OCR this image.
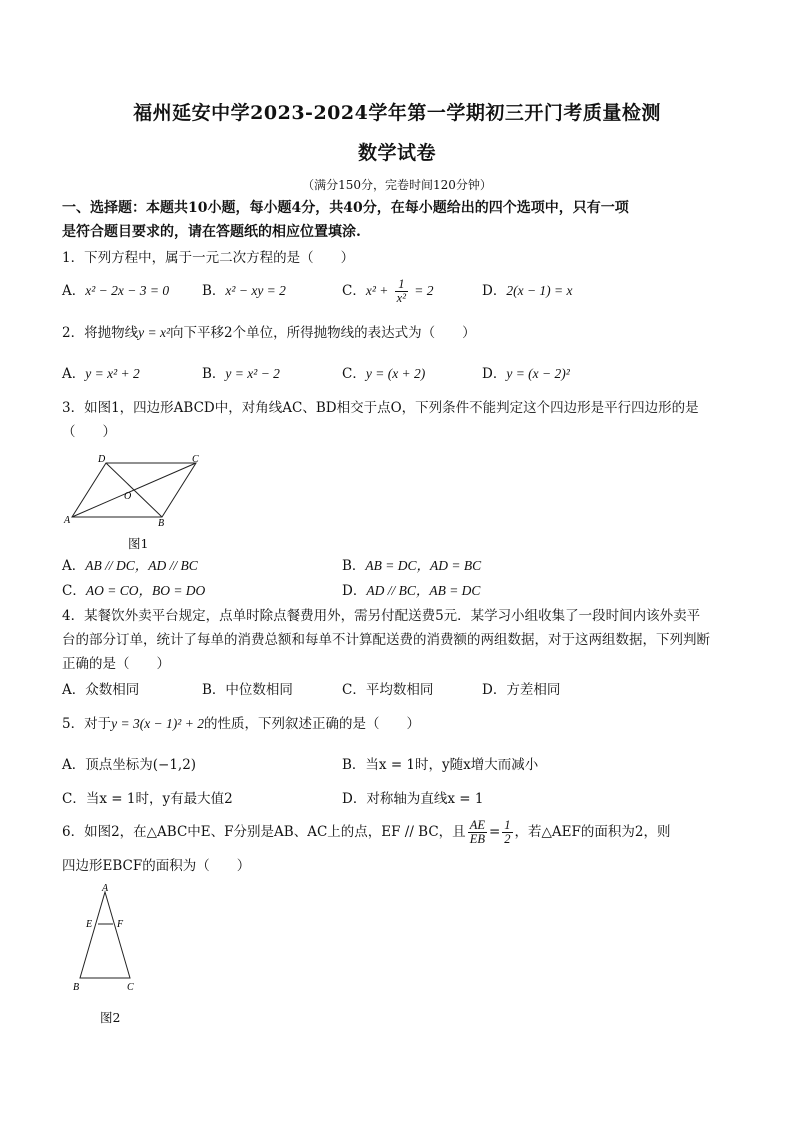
福州延安中学2023-2024学年第一学期初三开门考质量检测
数学试卷
（满分150分，完卷时间120分钟）
一、选择题：本题共10小题，每小题4分，共40分，在每小题给出的四个选项中，只有一项
是符合题目要求的，请在答题纸的相应位置填涂.
1．下列方程中，属于一元二次方程的是（　　）
A．x² − 2x − 3 = 0 B．x² − xy = 2	C．$x^2 + \frac{1}{\text{x²}} = 2$	D．2(x − 1) = x
2．将抛物线y = x²向下平移2个单位，所得抛物线的表达式为（　　）
A．y = x² + 2	B．y = x² − 2	C．y = (x + 2)	D．y = (x − 2)²
3．如图1，四边形ABCD中，对角线AC、BD相交于点O，下列条件不能判定这个四边形是平行四边形的是
（　　）
A	B
C
D
O
图1
A．AB // DC，AD // BC	B．AB = DC，AD = BC
C．AO = CO，BO = DO	D．AD // BC，AB = DC
4．某餐饮外卖平台规定，点单时除点餐费用外，需另付配送费5元．某学习小组收集了一段时间内该外卖平
台的部分订单，统计了每单的消费总额和每单不计算配送费的消费额的两组数据，对于这两组数据，下列判断
正确的是（　　）
A．众数相同	B．中位数相同	C．平均数相同	D．方差相同
5．对于y = 3(x − 1)² + 2的性质，下列叙述正确的是（　　）
A．顶点坐标为(−1,2)	B．当x = 1时，y随x增大而减小
C．当x = 1时，y有最大值2	D．对称轴为直线x = 1
6．如图2，在△ABC中E、F分别是AB、AC上的点，EF // BC，且 $\frac{AE}{EB} = \frac{1}{2}$ ，若△AEF的面积为2，则
四边形EBCF的面积为（　　）
A
E F
B	C
图2
